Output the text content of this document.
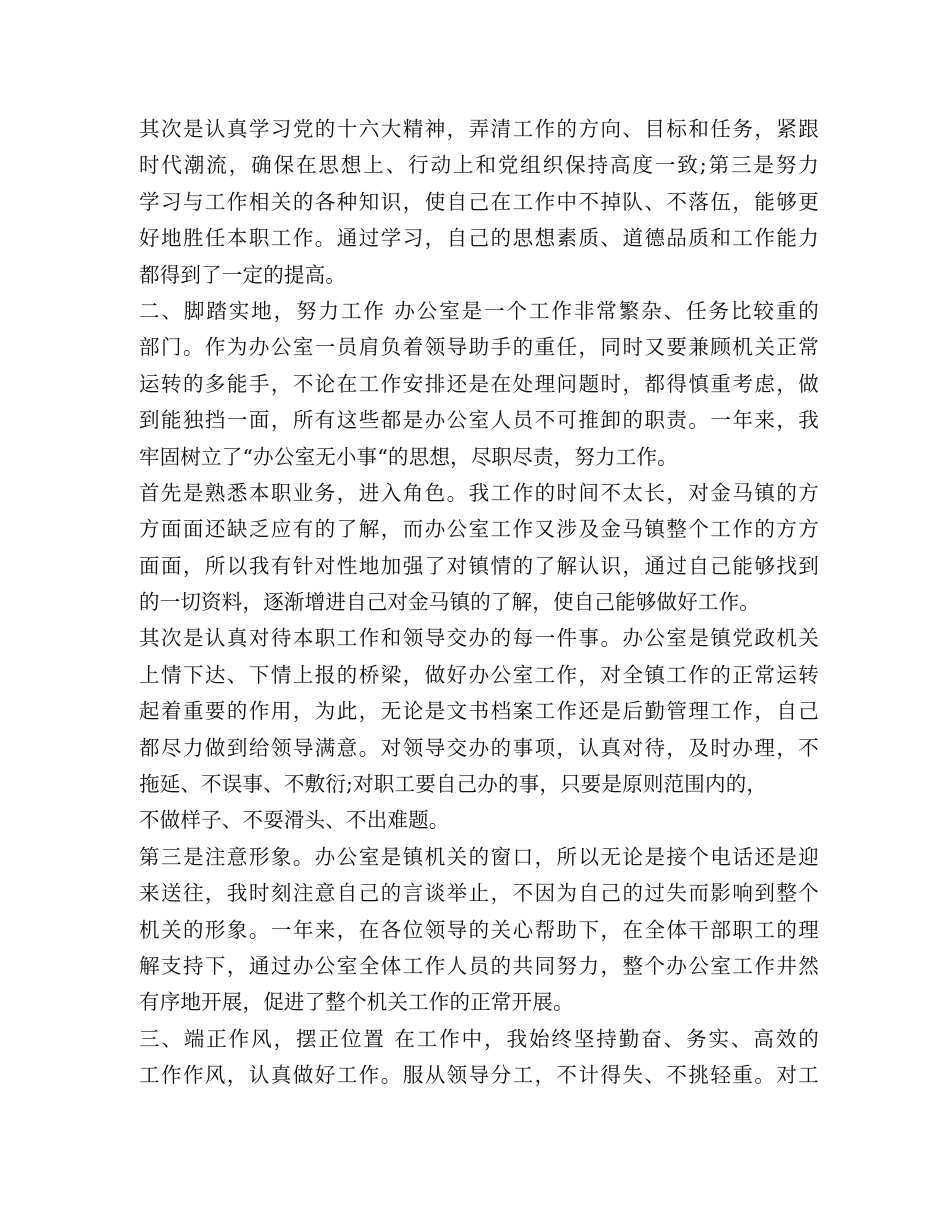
其次是认真学习党的十六大精神，弄清工作的方向、目标和任务，紧跟
时代潮流，确保在思想上、行动上和党组织保持高度一致;第三是努力
学习与工作相关的各种知识，使自己在工作中不掉队、不落伍，能够更
好地胜任本职工作。通过学习，自己的思想素质、道德品质和工作能力
都得到了一定的提高。
二、脚踏实地，努力工作 办公室是一个工作非常繁杂、任务比较重的
部门。作为办公室一员肩负着领导助手的重任，同时又要兼顾机关正常
运转的多能手，不论在工作安排还是在处理问题时，都得慎重考虑，做
到能独挡一面，所有这些都是办公室人员不可推卸的职责。一年来，我
牢固树立了“办公室无小事“的思想，尽职尽责，努力工作。
首先是熟悉本职业务，进入角色。我工作的时间不太长，对金马镇的方
方面面还缺乏应有的了解，而办公室工作又涉及金马镇整个工作的方方
面面，所以我有针对性地加强了对镇情的了解认识，通过自己能够找到
的一切资料，逐渐增进自己对金马镇的了解，使自己能够做好工作。
其次是认真对待本职工作和领导交办的每一件事。办公室是镇党政机关
上情下达、下情上报的桥梁，做好办公室工作，对全镇工作的正常运转
起着重要的作用，为此，无论是文书档案工作还是后勤管理工作，自己
都尽力做到给领导满意。对领导交办的事项，认真对待，及时办理，不
拖延、不误事、不敷衍;对职工要自己办的事，只要是原则范围内的，
不做样子、不耍滑头、不出难题。
第三是注意形象。办公室是镇机关的窗口，所以无论是接个电话还是迎
来送往，我时刻注意自己的言谈举止，不因为自己的过失而影响到整个
机关的形象。一年来，在各位领导的关心帮助下，在全体干部职工的理
解支持下，通过办公室全体工作人员的共同努力，整个办公室工作井然
有序地开展，促进了整个机关工作的正常开展。
三、端正作风，摆正位置 在工作中，我始终坚持勤奋、务实、高效的
工作作风，认真做好工作。服从领导分工，不计得失、不挑轻重。对工
